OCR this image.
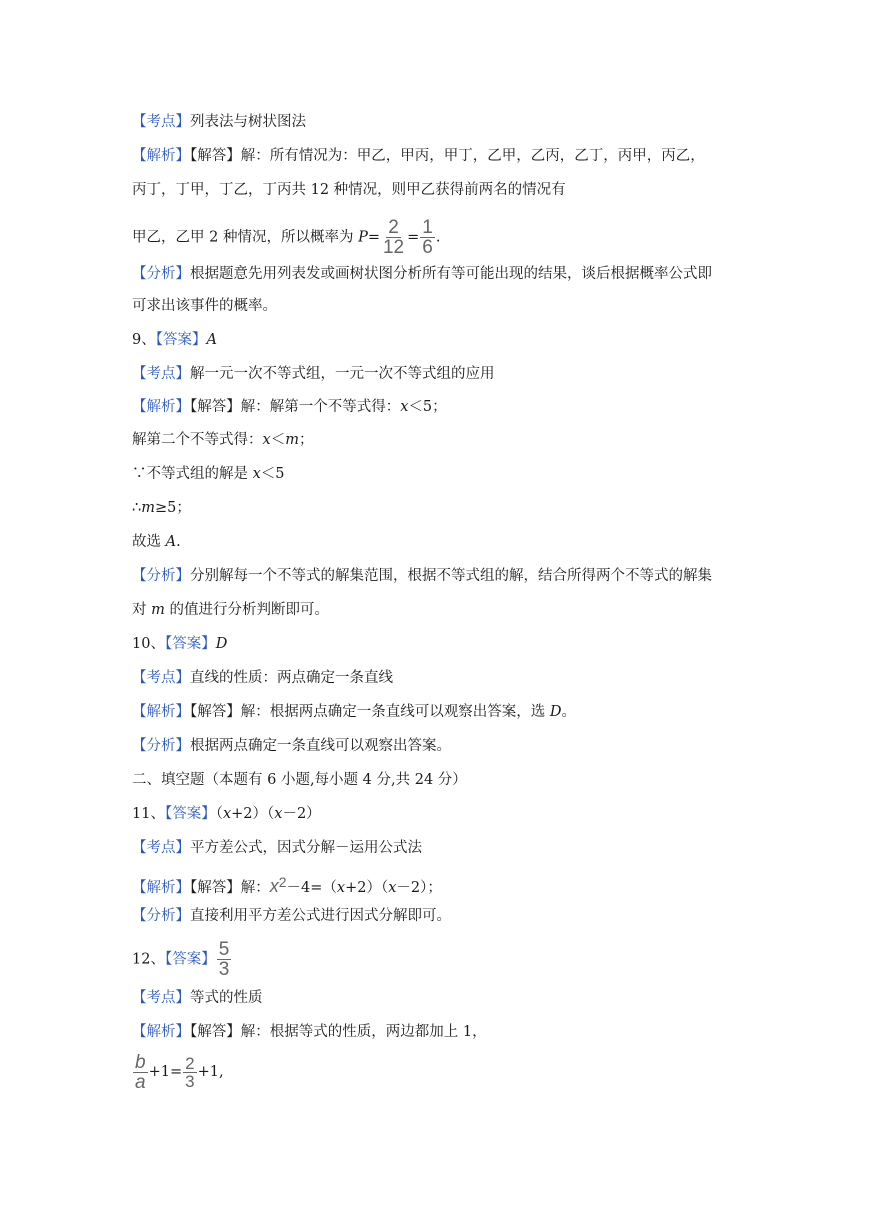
【考点】列表法与树状图法
【解析】【解答】解：所有情况为：甲乙，甲丙，甲丁，乙甲，乙丙，乙丁，丙甲，丙乙，
丙丁，丁甲，丁乙，丁丙共 12 种情况，则甲乙获得前两名的情况有
甲乙，乙甲 2 种情况，所以概率为 $P= \frac{2}{12} = \frac{1}{6}$ .
【分析】根据题意先用列表发或画树状图分析所有等可能出现的结果，谈后根据概率公式即
可求出该事件的概率。
9、【答案】A
【考点】解一元一次不等式组，一元一次不等式组的应用
【解析】【解答】解：解第一个不等式得：x＜5；
解第二个不等式得：x＜m；
∵不等式组的解是 x＜5
∴m≥5；
故选 A.
【分析】分别解每一个不等式的解集范围，根据不等式组的解，结合所得两个不等式的解集
对 m 的值进行分析判断即可。
10、【答案】D
【考点】直线的性质：两点确定一条直线
【解析】【解答】解：根据两点确定一条直线可以观察出答案，选 D。
【分析】根据两点确定一条直线可以观察出答案。
二、填空题（本题有 6 小题,每小题 4 分,共 24 分）
11、【答案】（x+2）（x－2）
【考点】平方差公式，因式分解－运用公式法
【解析】【解答】解：x2－4=（x+2）（x－2）；
【分析】直接利用平方差公式进行因式分解即可。
12、【答案】 $\frac{5}{3}$
【考点】等式的性质
【解析】【解答】解：根据等式的性质，两边都加上 1，
$\frac{b}{a} +1= \frac{2}{3} +1$,
